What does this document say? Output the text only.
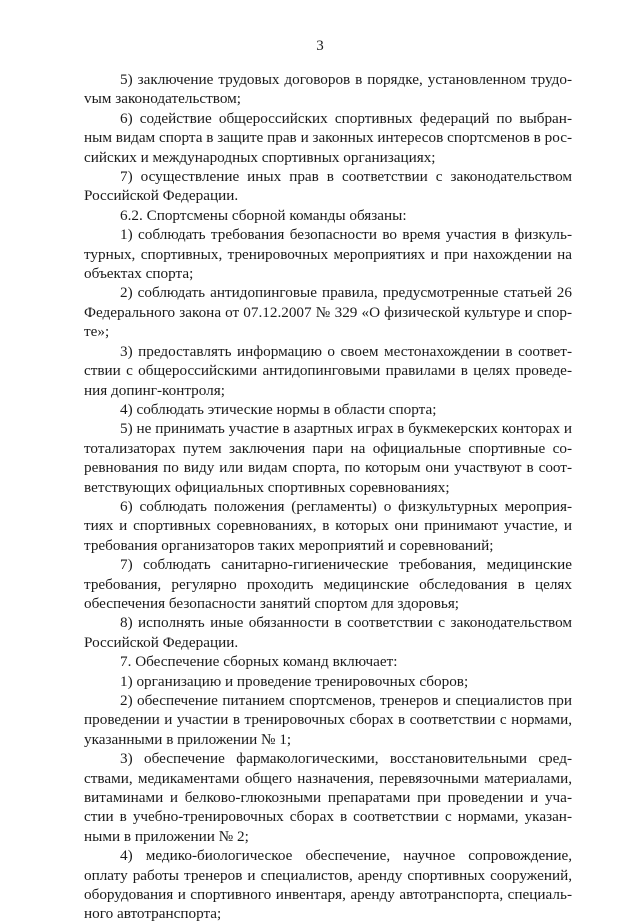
3

5) заключение трудовых договоров в порядке, установленном трудоvым законодательством;

6) содействие общероссийских спортивных федераций по выбранным видам спорта в защите прав и законных интересов спортсменов в российских и международных спортивных организациях;

7) осуществление иных прав в соответствии с законодательством Российской Федерации.

6.2. Спортсмены сборной команды обязаны:

1) соблюдать требования безопасности во время участия в физкультурных, спортивных, тренировочных мероприятиях и при нахождении на объектах спорта;

2) соблюдать антидопинговые правила, предусмотренные статьей 26 Федерального закона от 07.12.2007 № 329 «О физической культуре и спорте»;

3) предоставлять информацию о своем местонахождении в соответствии с общероссийскими антидопинговыми правилами в целях проведения допинг-контроля;

4) соблюдать этические нормы в области спорта;

5) не принимать участие в азартных играх в букмекерских конторах и тотализаторах путем заключения пари на официальные спортивные соревнования по виду или видам спорта, по которым они участвуют в соответствующих официальных спортивных соревнованиях;

6) соблюдать положения (регламенты) о физкультурных мероприятиях и спортивных соревнованиях, в которых они принимают участие, и требования организаторов таких мероприятий и соревнований;

7) соблюдать санитарно-гигиенические требования, медицинские требования, регулярно проходить медицинские обследования в целях обеспечения безопасности занятий спортом для здоровья;

8) исполнять иные обязанности в соответствии с законодательством Российской Федерации.

7. Обеспечение сборных команд включает:

1) организацию и проведение тренировочных сборов;

2) обеспечение питанием спортсменов, тренеров и специалистов при проведении и участии в тренировочных сборах в соответствии с нормами, указанными в приложении № 1;

3) обеспечение фармакологическими, восстановительными средствами, медикаментами общего назначения, перевязочными материалами, витаминами и белково-глюкозными препаратами при проведении и участии в учебно-тренировочных сборах в соответствии с нормами, указанными в приложении № 2;

4) медико-биологическое обеспечение, научное сопровождение, оплату работы тренеров и специалистов, аренду спортивных сооружений, оборудования и спортивного инвентаря, аренду автотранспорта, специального автотранспорта;
